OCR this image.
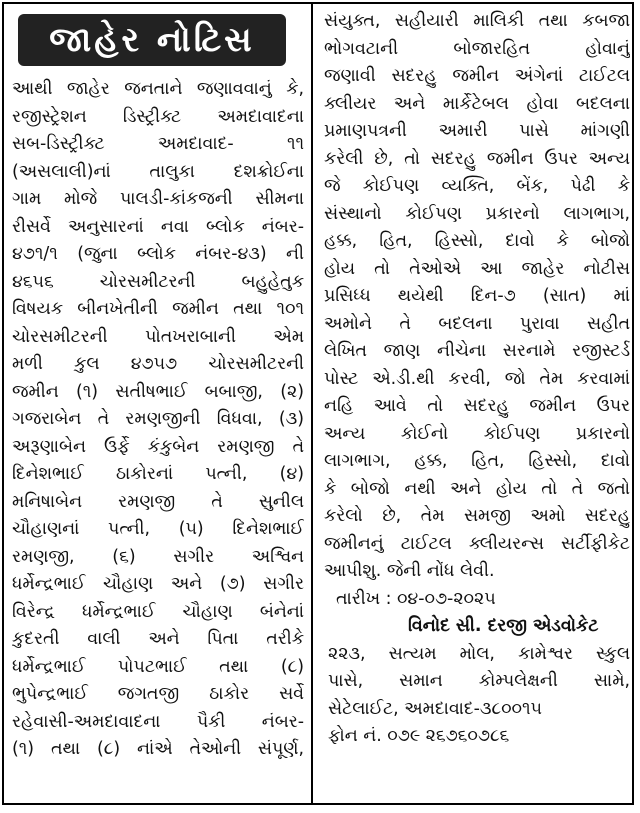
જાહેર નોટિસ
આથી જાહેર જનતાને જણાવવાનું કે,
રજીસ્ટ્રેશન ડિસ્ટ્રીક્ટ અમદાવાદના
સબ-ડિસ્ટ્રીક્ટ અમદાવાદ- ૧૧
(અસલાલી)નાં તાલુકા દશક્રોઈના
ગામ મોજે પાલડી-કાંકજની સીમના
રીસર્વે અનુસારનાં નવા બ્લોક નંબર-
૪૭૧/૧ (જુના બ્લોક નંબર-૪૩) ની
૪૬૫૬ ચોરસમીટરની બહુહેતુક
વિષયક બીનખેતીની જમીન તથા ૧૦૧
ચોરસમીટરની પોતખરાબાની એમ
મળી કુલ ૪૭૫૭ ચોરસમીટરની
જમીન (૧) સતીષભાઈ બબાજી, (૨)
ગજરાબેન તે રમણજીની વિધવા, (૩)
અરૂણાબેન ઉર્ફે કંકુબેન રમણજી તે
દિનેશભાઈ ઠાકોરનાં પત્ની, (૪)
મનિષાબેન રમણજી તે સુનીલ
ચૌહાણનાં પત્ની, (૫) દિનેશભાઈ
રમણજી, (૬) સગીર અશ્વિન
ધર્મેન્દ્રભાઈ ચૌહાણ અને (૭) સગીર
વિરેન્દ્ર ધર્મેન્દ્રભાઈ ચૌહાણ બંનેનાં
કુદરતી વાલી અને પિતા તરીકે
ધર્મેન્દ્રભાઈ પોપટભાઈ તથા (૮)
ભુપેન્દ્રભાઈ જગતજી ઠાકોર સર્વે
રહેવાસી-અમદાવાદના પૈકી નંબર-
(૧) તથા (૮) નાંએ તેઓની સંપૂર્ણ,
સંયુક્ત, સહીયારી માલિકી તથા કબજા
ભોગવટાની બોજારહિત હોવાનું
જણાવી સદરહુ જમીન અંગેનાં ટાઈટલ
ક્લીયર અને માર્કેટેબલ હોવા બદલના
પ્રમાણપત્રની અમારી પાસે માંગણી
કરેલી છે, તો સદરહુ જમીન ઉપર અન્ય
જે કોઈપણ વ્યક્તિ, બેંક, પેઢી કે
સંસ્થાનો કોઈપણ પ્રકારનો લાગભાગ,
હક્ક, હિત, હિસ્સો, દાવો કે બોજો
હોય તો તેઓએ આ જાહેર નોટીસ
પ્રસિધ્ધ થયેથી દિન-૭ (સાત) માં
અમોને તે બદલના પુરાવા સહીત
લેખિત જાણ નીચેના સરનામે રજીસ્ટર્ડ
પોસ્ટ એ.ડી.થી કરવી, જો તેમ કરવામાં
નહિ આવે તો સદરહુ જમીન ઉપર
અન્ય કોઈનો કોઈપણ પ્રકારનો
લાગભાગ, હક્ક, હિત, હિસ્સો, દાવો
કે બોજો નથી અને હોય તો તે જતો
કરેલો છે, તેમ સમજી અમો સદરહુ
જમીનનું ટાઈટલ ક્લીયરન્સ સર્ટીફીકેટ
આપીશુ. જેની નોંધ લેવી.
તારીખ : ૦૪-૦૭-૨૦૨૫
વિનોદ સી. દરજી એડવોકેટ
૨૨૩, સત્યમ મોલ, કામેશ્વર સ્કુલ
પાસે, સમાન કોમ્પલેક્ષની સામે,
સેટેલાઈટ, અમદાવાદ-૩૮૦૦૧૫
ફોન નં. ૦૭૯ ૨૬૭૬૦૭૮૬
